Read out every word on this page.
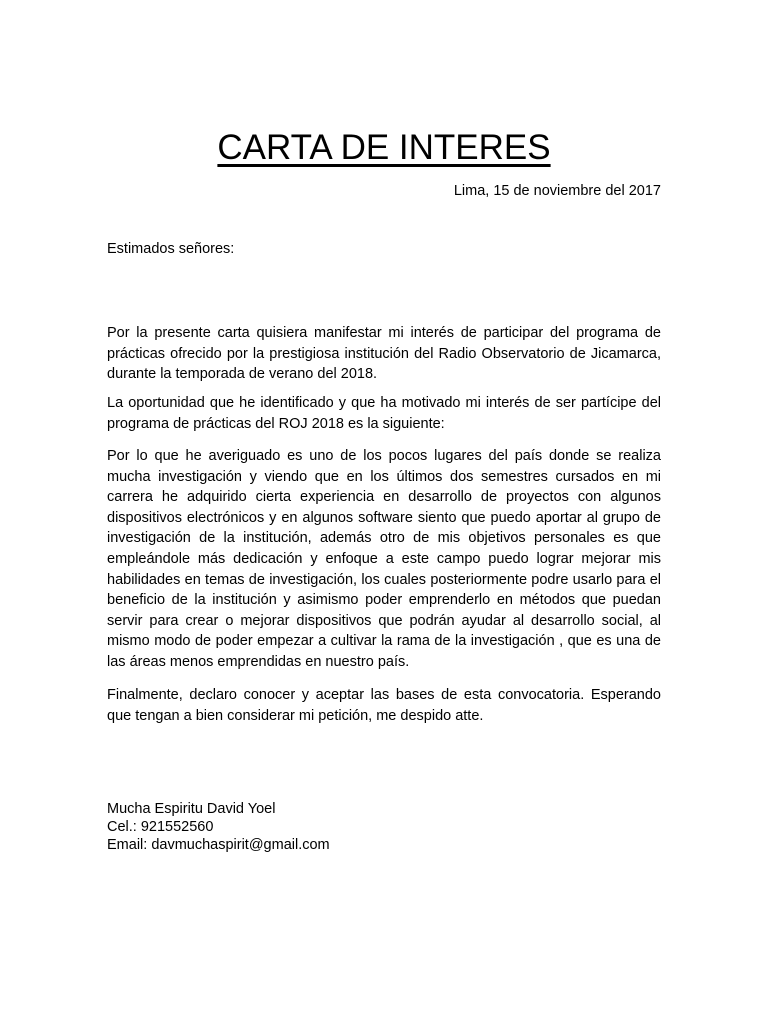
CARTA DE INTERES
Lima, 15 de noviembre del 2017
Estimados señores:

Por la presente carta quisiera manifestar mi interés de participar del programa de prácticas ofrecido por la prestigiosa institución del Radio Observatorio de Jicamarca, durante la temporada de verano del 2018.

La oportunidad que he identificado y que ha motivado mi interés de ser partícipe del programa de prácticas del ROJ 2018 es la siguiente:

Por lo que he averiguado es uno de los pocos lugares del país donde se realiza mucha investigación y viendo que en los últimos dos semestres cursados en mi carrera he adquirido cierta experiencia en desarrollo de proyectos con algunos dispositivos electrónicos y en algunos software siento que puedo aportar al grupo de investigación de la institución, además otro de mis objetivos personales es que empleándole más dedicación y enfoque a este campo puedo lograr mejorar mis habilidades en temas de investigación, los cuales posteriormente podre usarlo para el beneficio de la institución y asimismo poder emprenderlo en métodos que puedan servir para crear o mejorar dispositivos que podrán ayudar al desarrollo social, al mismo modo de poder empezar a cultivar la rama de la investigación , que es una de las áreas menos emprendidas en nuestro país.

Finalmente, declaro conocer y aceptar las bases de esta convocatoria. Esperando que tengan a bien considerar mi petición, me despido atte.

Mucha Espiritu David Yoel
Cel.: 921552560
Email: davmuchaspirit@gmail.com
